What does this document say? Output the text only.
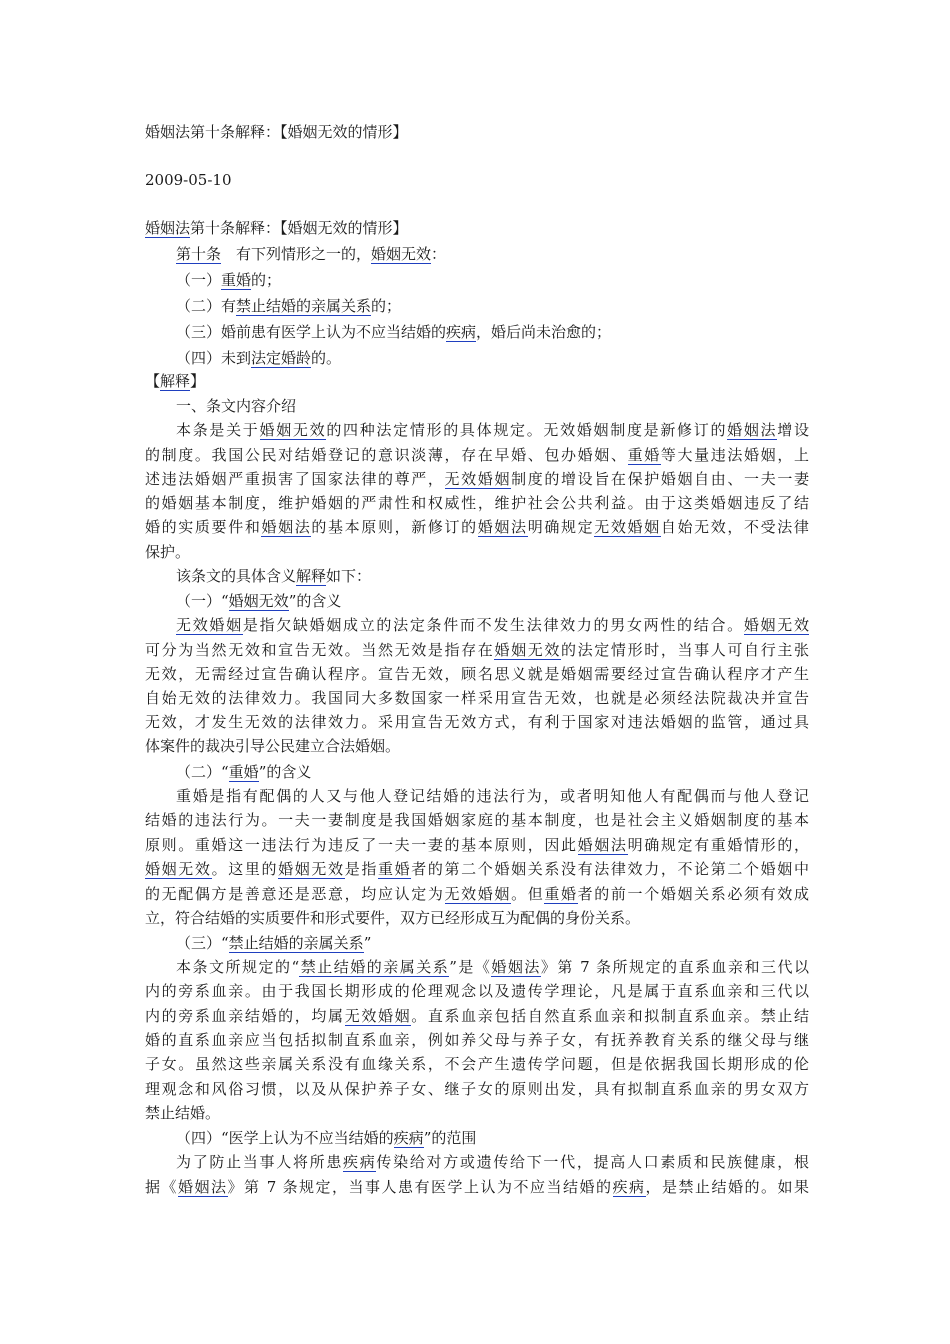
婚姻法第十条解释：【婚姻无效的情形】
2009-05-10
婚姻法第十条解释：【婚姻无效的情形】
第十条　有下列情形之一的，婚姻无效：
（一）重婚的；
（二）有禁止结婚的亲属关系的；
（三）婚前患有医学上认为不应当结婚的疾病，婚后尚未治愈的；
（四）未到法定婚龄的。
【解释】
一、条文内容介绍
本条是关于婚姻无效的四种法定情形的具体规定。无效婚姻制度是新修订的婚姻法增设
的制度。我国公民对结婚登记的意识淡薄，存在早婚、包办婚姻、重婚等大量违法婚姻，上
述违法婚姻严重损害了国家法律的尊严，无效婚姻制度的增设旨在保护婚姻自由、一夫一妻
的婚姻基本制度，维护婚姻的严肃性和权威性，维护社会公共利益。由于这类婚姻违反了结
婚的实质要件和婚姻法的基本原则，新修订的婚姻法明确规定无效婚姻自始无效，不受法律
保护。
该条文的具体含义解释如下：
（一）“婚姻无效”的含义
无效婚姻是指欠缺婚姻成立的法定条件而不发生法律效力的男女两性的结合。婚姻无效
可分为当然无效和宣告无效。当然无效是指存在婚姻无效的法定情形时，当事人可自行主张
无效，无需经过宣告确认程序。宣告无效，顾名思义就是婚姻需要经过宣告确认程序才产生
自始无效的法律效力。我国同大多数国家一样采用宣告无效，也就是必须经法院裁决并宣告
无效，才发生无效的法律效力。采用宣告无效方式，有利于国家对违法婚姻的监管，通过具
体案件的裁决引导公民建立合法婚姻。
（二）“重婚”的含义
重婚是指有配偶的人又与他人登记结婚的违法行为，或者明知他人有配偶而与他人登记
结婚的违法行为。一夫一妻制度是我国婚姻家庭的基本制度，也是社会主义婚姻制度的基本
原则。重婚这一违法行为违反了一夫一妻的基本原则，因此婚姻法明确规定有重婚情形的，
婚姻无效。这里的婚姻无效是指重婚者的第二个婚姻关系没有法律效力，不论第二个婚姻中
的无配偶方是善意还是恶意，均应认定为无效婚姻。但重婚者的前一个婚姻关系必须有效成
立，符合结婚的实质要件和形式要件，双方已经形成互为配偶的身份关系。
（三）“禁止结婚的亲属关系”
本条文所规定的“禁止结婚的亲属关系”是《婚姻法》第 7 条所规定的直系血亲和三代以
内的旁系血亲。由于我国长期形成的伦理观念以及遗传学理论，凡是属于直系血亲和三代以
内的旁系血亲结婚的，均属无效婚姻。直系血亲包括自然直系血亲和拟制直系血亲。禁止结
婚的直系血亲应当包括拟制直系血亲，例如养父母与养子女，有抚养教育关系的继父母与继
子女。虽然这些亲属关系没有血缘关系，不会产生遗传学问题，但是依据我国长期形成的伦
理观念和风俗习惯，以及从保护养子女、继子女的原则出发，具有拟制直系血亲的男女双方
禁止结婚。
（四）“医学上认为不应当结婚的疾病”的范围
为了防止当事人将所患疾病传染给对方或遗传给下一代，提高人口素质和民族健康，根
据《婚姻法》第 7 条规定，当事人患有医学上认为不应当结婚的疾病，是禁止结婚的。如果
